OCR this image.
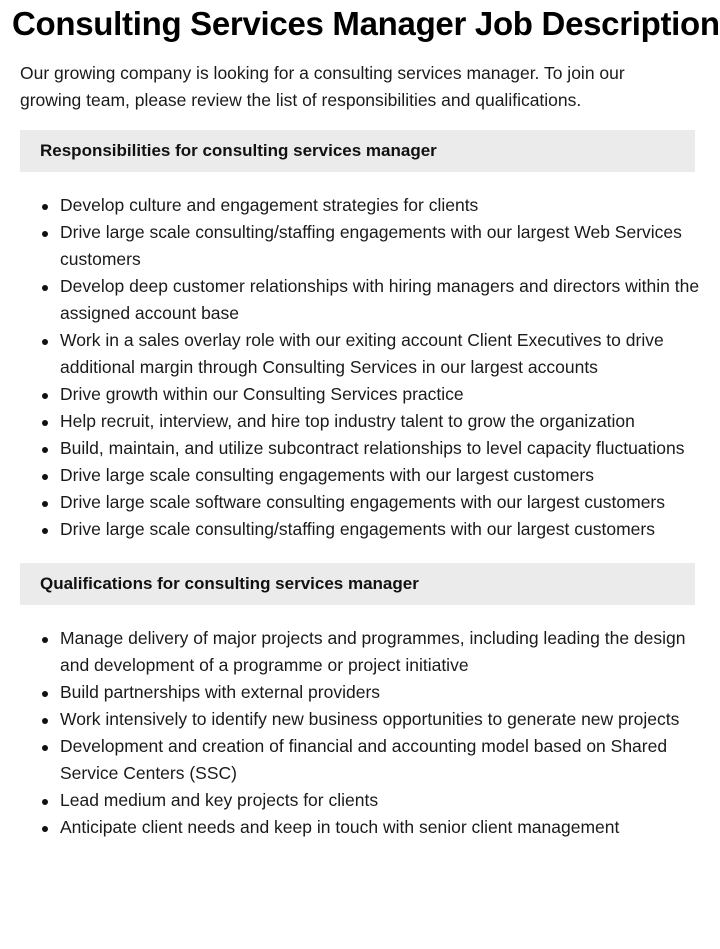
Consulting Services Manager Job Description

Our growing company is looking for a consulting services manager. To join our growing team, please review the list of responsibilities and qualifications.

Responsibilities for consulting services manager
Develop culture and engagement strategies for clients
Drive large scale consulting/staffing engagements with our largest Web Services customers
Develop deep customer relationships with hiring managers and directors within the assigned account base
Work in a sales overlay role with our exiting account Client Executives to drive additional margin through Consulting Services in our largest accounts
Drive growth within our Consulting Services practice
Help recruit, interview, and hire top industry talent to grow the organization
Build, maintain, and utilize subcontract relationships to level capacity fluctuations
Drive large scale consulting engagements with our largest customers
Drive large scale software consulting engagements with our largest customers
Drive large scale consulting/staffing engagements with our largest customers
Qualifications for consulting services manager
Manage delivery of major projects and programmes, including leading the design and development of a programme or project initiative
Build partnerships with external providers
Work intensively to identify new business opportunities to generate new projects
Development and creation of financial and accounting model based on Shared Service Centers (SSC)
Lead medium and key projects for clients
Anticipate client needs and keep in touch with senior client management
